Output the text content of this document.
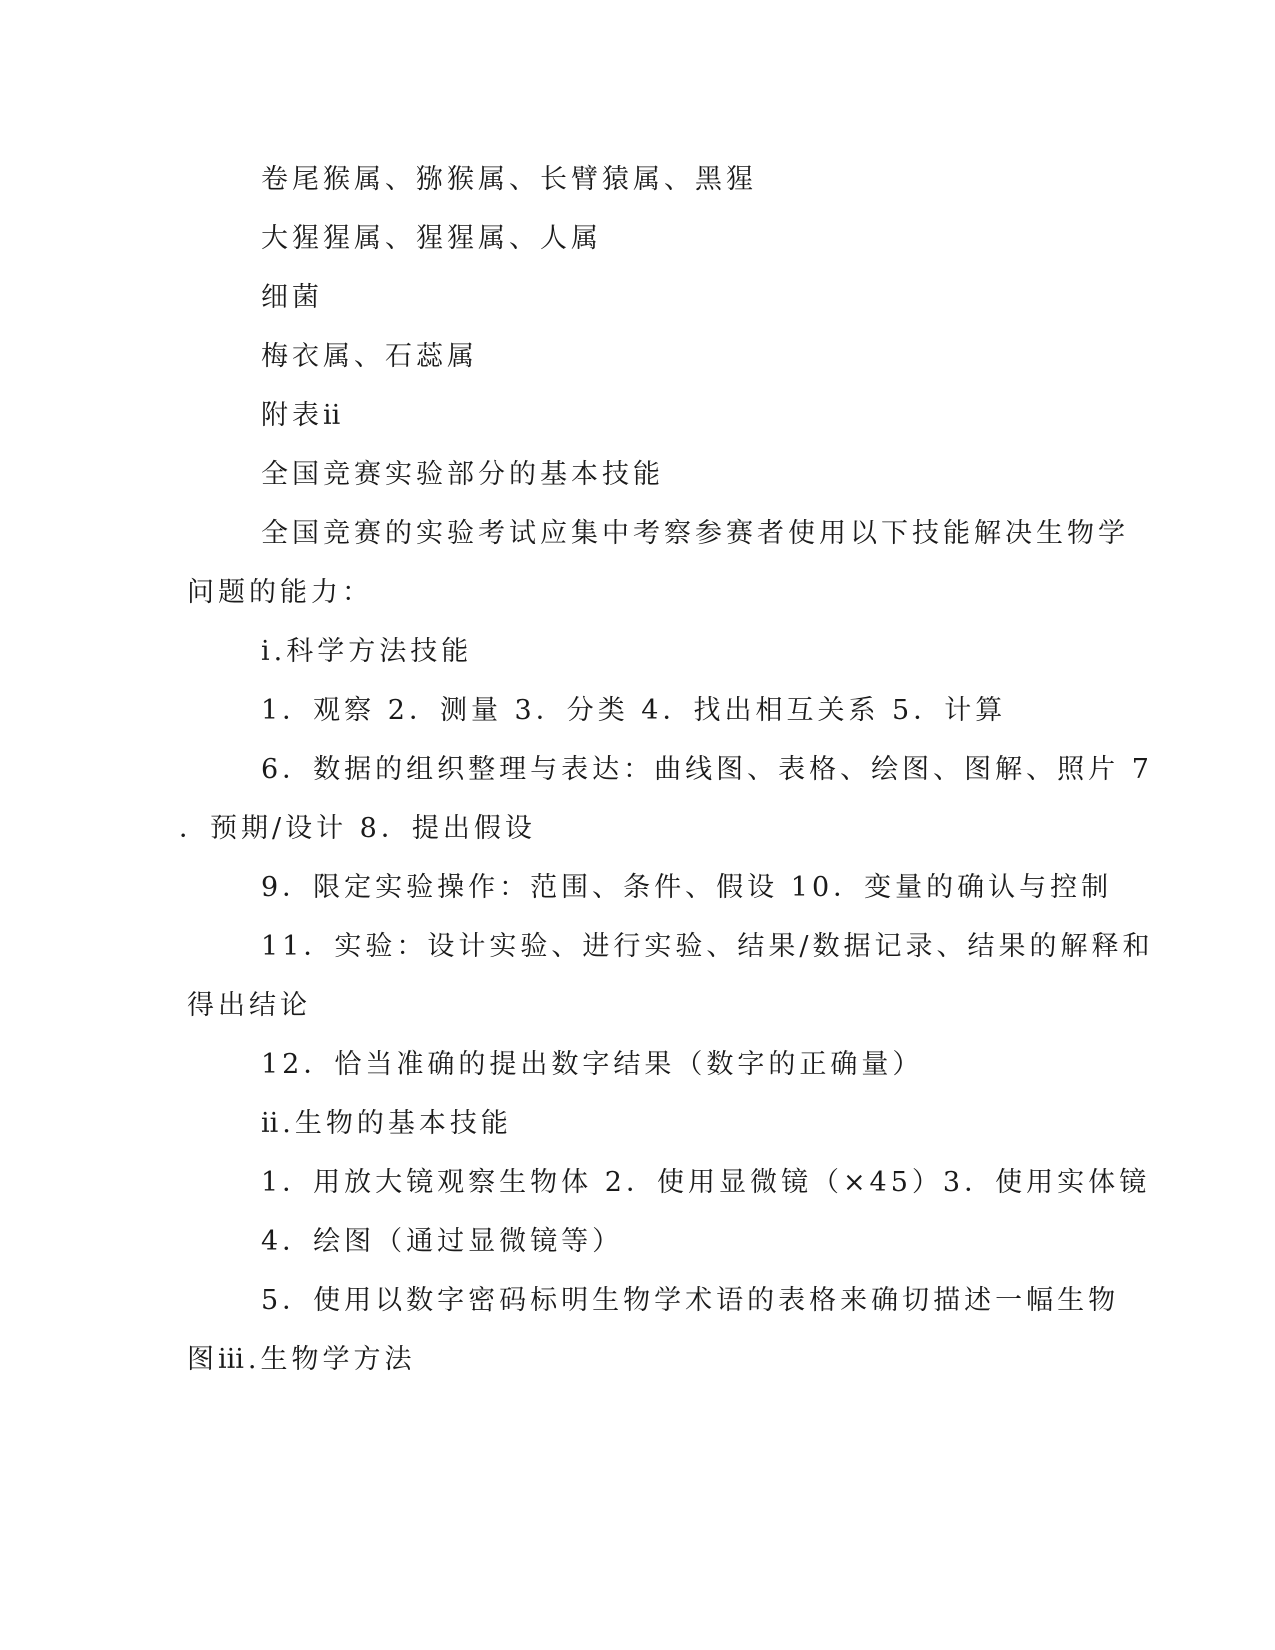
卷尾猴属、猕猴属、长臂猿属、黑猩
大猩猩属、猩猩属、人属
细菌
梅衣属、石蕊属
附表ⅱ
全国竞赛实验部分的基本技能
全国竞赛的实验考试应集中考察参赛者使用以下技能解决生物学
问题的能力：
ⅰ.科学方法技能
1．观察 2．测量 3．分类 4．找出相互关系 5．计算
6．数据的组织整理与表达：曲线图、表格、绘图、图解、照片 7
．预期/设计 8．提出假设
9．限定实验操作：范围、条件、假设 10．变量的确认与控制
11．实验：设计实验、进行实验、结果/数据记录、结果的解释和
得出结论
12．恰当准确的提出数字结果（数字的正确量）
ⅱ.生物的基本技能
1．用放大镜观察生物体 2．使用显微镜（×45）3．使用实体镜
4．绘图（通过显微镜等）
5．使用以数字密码标明生物学术语的表格来确切描述一幅生物
图ⅲ.生物学方法
